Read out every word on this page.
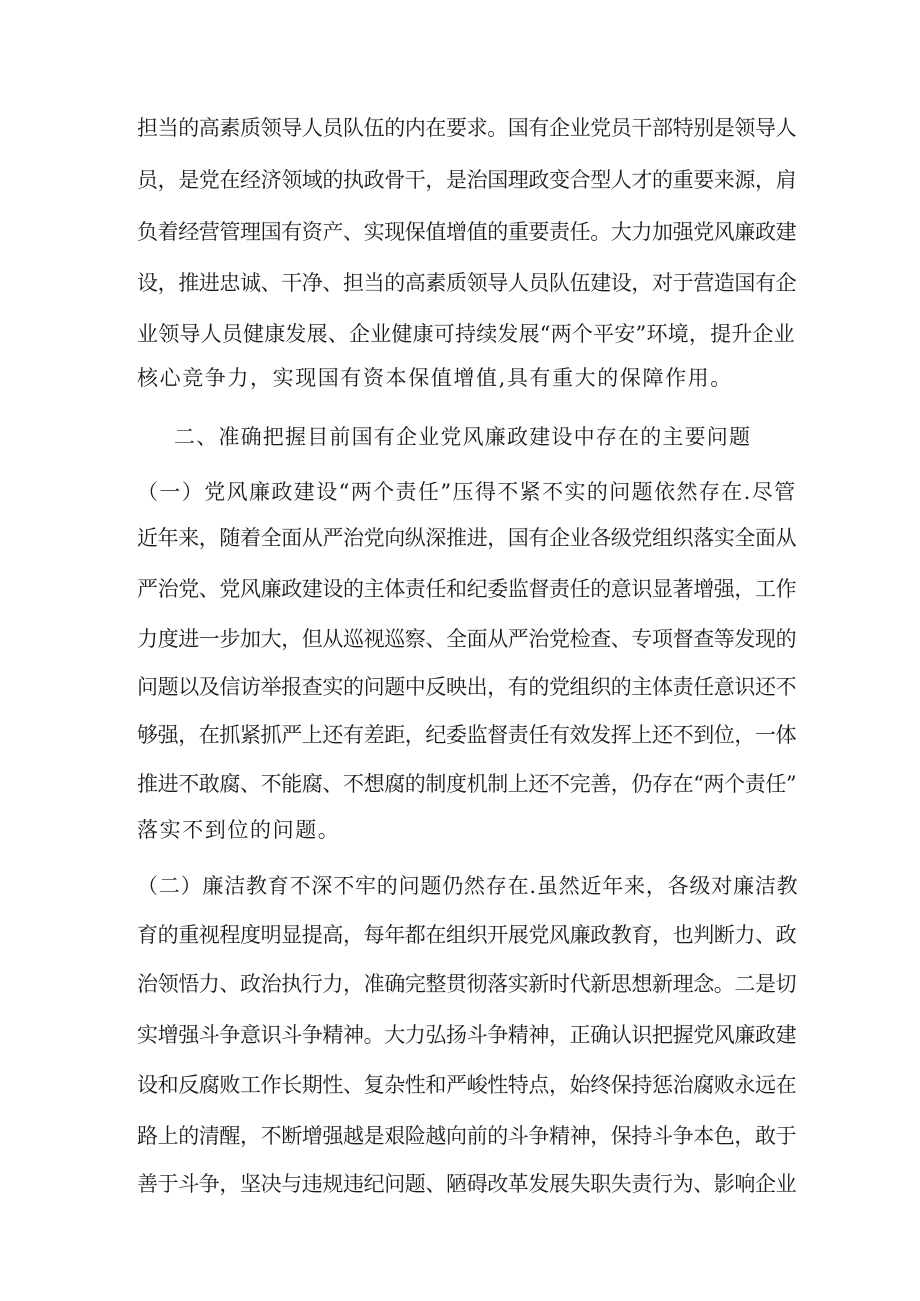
担当的高素质领导人员队伍的内在要求。国有企业党员干部特别是领导人
员，是党在经济领域的执政骨干，是治国理政变合型人才的重要来源，肩
负着经营管理国有资产、实现保值增值的重要责任。大力加强党风廉政建
设，推进忠诚、干净、担当的高素质领导人员队伍建设，对于营造国有企
业领导人员健康发展、企业健康可持续发展“两个平安”环境，提升企业
核心竞争力，实现国有资本保值增值,具有重大的保障作用。
二、准确把握目前国有企业党风廉政建设中存在的主要问题
（一）党风廉政建设“两个责任”压得不紧不实的问题依然存在.尽管
近年来，随着全面从严治党向纵深推进，国有企业各级党组织落实全面从
严治党、党风廉政建设的主体责任和纪委监督责任的意识显著增强，工作
力度进一步加大，但从巡视巡察、全面从严治党检查、专项督查等发现的
问题以及信访举报查实的问题中反映出，有的党组织的主体责任意识还不
够强，在抓紧抓严上还有差距，纪委监督责任有效发挥上还不到位，一体
推进不敢腐、不能腐、不想腐的制度机制上还不完善，仍存在“两个责任”
落实不到位的问题。
（二）廉洁教育不深不牢的问题仍然存在.虽然近年来，各级对廉洁教
育的重视程度明显提高，每年都在组织开展党风廉政教育，也判断力、政
治领悟力、政治执行力，准确完整贯彻落实新时代新思想新理念。二是切
实增强斗争意识斗争精神。大力弘扬斗争精神，正确认识把握党风廉政建
设和反腐败工作长期性、复杂性和严峻性特点，始终保持惩治腐败永远在
路上的清醒，不断增强越是艰险越向前的斗争精神，保持斗争本色，敢于
善于斗争，坚决与违规违纪问题、陋碍改革发展失职失责行为、影响企业
